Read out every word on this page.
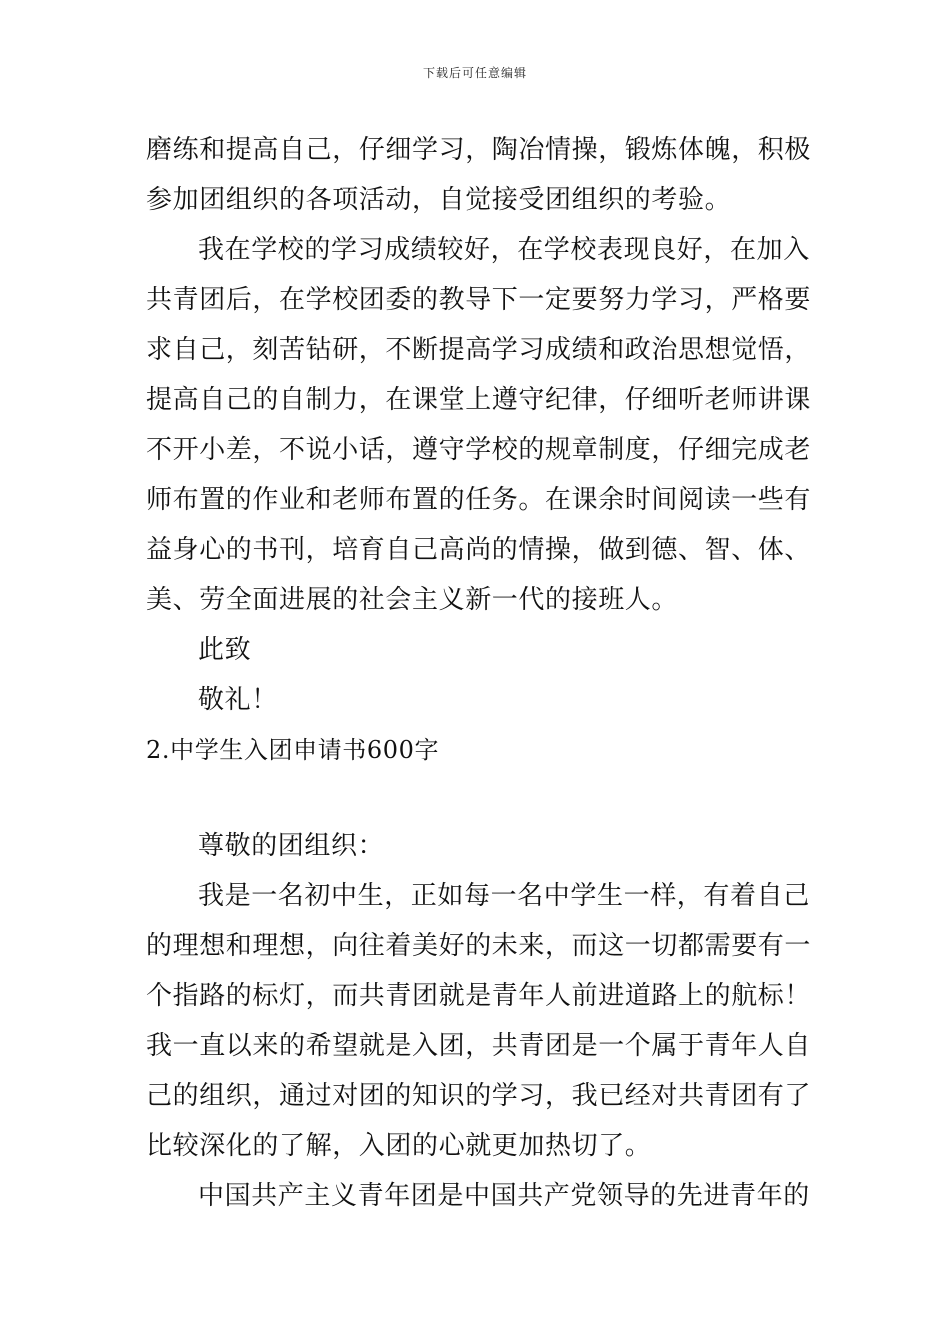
下载后可任意编辑
磨练和提高自己，仔细学习，陶冶情操，锻炼体魄，积极
参加团组织的各项活动，自觉接受团组织的考验。
我在学校的学习成绩较好，在学校表现良好，在加入
共青团后，在学校团委的教导下一定要努力学习，严格要
求自己，刻苦钻研，不断提高学习成绩和政治思想觉悟，
提高自己的自制力，在课堂上遵守纪律，仔细听老师讲课
不开小差，不说小话，遵守学校的规章制度，仔细完成老
师布置的作业和老师布置的任务。在课余时间阅读一些有
益身心的书刊，培育自己高尚的情操，做到德、智、体、
美、劳全面进展的社会主义新一代的接班人。
此致
敬礼！
2.中学生入团申请书600字
尊敬的团组织：
我是一名初中生，正如每一名中学生一样，有着自己
的理想和理想，向往着美好的未来，而这一切都需要有一
个指路的标灯，而共青团就是青年人前进道路上的航标！
我一直以来的希望就是入团，共青团是一个属于青年人自
己的组织，通过对团的知识的学习，我已经对共青团有了
比较深化的了解，入团的心就更加热切了。
中国共产主义青年团是中国共产党领导的先进青年的
